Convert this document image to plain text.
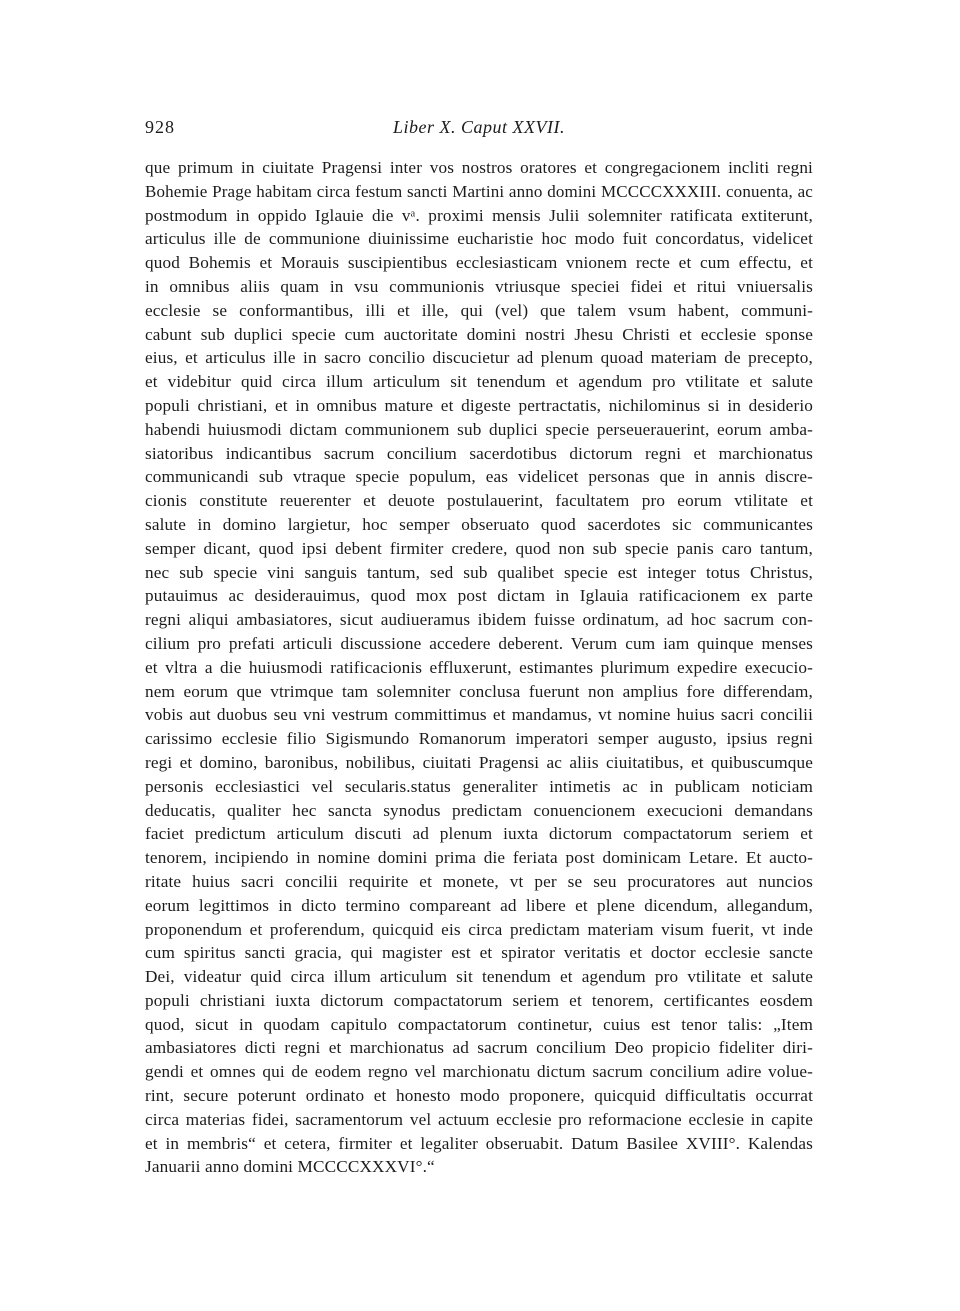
928	Liber X. Caput XXVII.
que primum in ciuitate Pragensi inter vos nostros oratores et congregacionem incliti regni
Bohemie Prage habitam circa festum sancti Martini anno domini MCCCCXXXIII. conuenta, ac
postmodum in oppido Iglauie die vᵃ. proximi mensis Julii solemniter ratificata extiterunt,
articulus ille de communione diuinissime eucharistie hoc modo fuit concordatus, videlicet
quod Bohemis et Morauis suscipientibus ecclesiasticam vnionem recte et cum effectu, et
in omnibus aliis quam in vsu communionis vtriusque speciei fidei et ritui vniuersalis
ecclesie se conformantibus, illi et ille, qui (vel) que talem vsum habent, communi-
cabunt sub duplici specie cum auctoritate domini nostri Jhesu Christi et ecclesie sponse
eius, et articulus ille in sacro concilio discucietur ad plenum quoad materiam de precepto,
et videbitur quid circa illum articulum sit tenendum et agendum pro vtilitate et salute
populi christiani, et in omnibus mature et digeste pertractatis, nichilominus si in desiderio
habendi huiusmodi dictam communionem sub duplici specie perseuerauerint, eorum amba-
siatoribus indicantibus sacrum concilium sacerdotibus dictorum regni et marchionatus
communicandi sub vtraque specie populum, eas videlicet personas que in annis discre-
cionis constitute reuerenter et deuote postulauerint, facultatem pro eorum vtilitate et
salute in domino largietur, hoc semper obseruato quod sacerdotes sic communicantes
semper dicant, quod ipsi debent firmiter credere, quod non sub specie panis caro tantum,
nec sub specie vini sanguis tantum, sed sub qualibet specie est integer totus Christus,
putauimus ac desiderauimus, quod mox post dictam in Iglauia ratificacionem ex parte
regni aliqui ambasiatores, sicut audiueramus ibidem fuisse ordinatum, ad hoc sacrum con-
cilium pro prefati articuli discussione accedere deberent. Verum cum iam quinque menses
et vltra a die huiusmodi ratificacionis effluxerunt, estimantes plurimum expedire execucio-
nem eorum que vtrimque tam solemniter conclusa fuerunt non amplius fore differendam,
vobis aut duobus seu vni vestrum committimus et mandamus, vt nomine huius sacri concilii
carissimo ecclesie filio Sigismundo Romanorum imperatori semper augusto, ipsius regni
regi et domino, baronibus, nobilibus, ciuitati Pragensi ac aliis ciuitatibus, et quibuscumque
personis ecclesiastici vel secularis.status generaliter intimetis ac in publicam noticiam
deducatis, qualiter hec sancta synodus predictam conuencionem execucioni demandans
faciet predictum articulum discuti ad plenum iuxta dictorum compactatorum seriem et
tenorem, incipiendo in nomine domini prima die feriata post dominicam Letare. Et aucto-
ritate huius sacri concilii requirite et monete, vt per se seu procuratores aut nuncios
eorum legittimos in dicto termino compareant ad libere et plene dicendum, allegandum,
proponendum et proferendum, quicquid eis circa predictam materiam visum fuerit, vt inde
cum spiritus sancti gracia, qui magister est et spirator veritatis et doctor ecclesie sancte
Dei, videatur quid circa illum articulum sit tenendum et agendum pro vtilitate et salute
populi christiani iuxta dictorum compactatorum seriem et tenorem, certificantes eosdem
quod, sicut in quodam capitulo compactatorum continetur, cuius est tenor talis: „Item
ambasiatores dicti regni et marchionatus ad sacrum concilium Deo propicio fideliter diri-
gendi et omnes qui de eodem regno vel marchionatu dictum sacrum concilium adire volue-
rint, secure poterunt ordinato et honesto modo proponere, quicquid difficultatis occurrat
circa materias fidei, sacramentorum vel actuum ecclesie pro reformacione ecclesie in capite
et in membris“ et cetera, firmiter et legaliter obseruabit. Datum Basilee XVIII°. Kalendas
Januarii anno domini MCCCCXXXVI°.“
